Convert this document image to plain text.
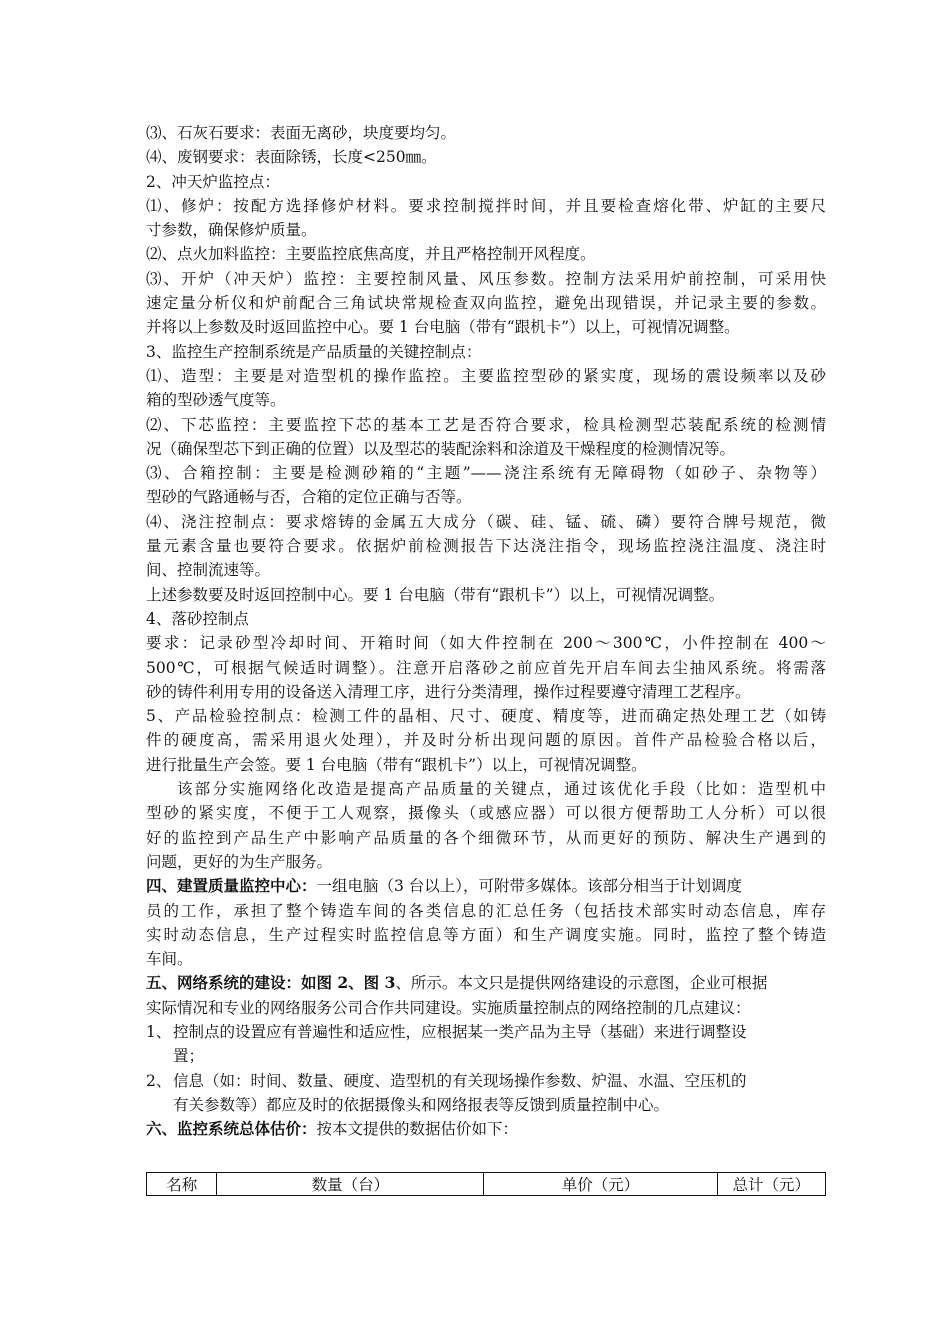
⑶、石灰石要求：表面无离砂，块度要均匀。
⑷、废钢要求：表面除锈，长度<250㎜。
2、冲天炉监控点：
⑴、修炉：按配方选择修炉材料。要求控制搅拌时间，并且要检查熔化带、炉缸的主要尺
寸参数，确保修炉质量。
⑵、点火加料监控：主要监控底焦高度，并且严格控制开风程度。
⑶、开炉（冲天炉）监控：主要控制风量、风压参数。控制方法采用炉前控制，可采用快
速定量分析仪和炉前配合三角试块常规检查双向监控，避免出现错误，并记录主要的参数。
并将以上参数及时返回监控中心。要 1 台电脑（带有“跟机卡”）以上，可视情况调整。
3、监控生产控制系统是产品质量的关键控制点：
⑴、造型：主要是对造型机的操作监控。主要监控型砂的紧实度，现场的震设频率以及砂
箱的型砂透气度等。
⑵、下芯监控：主要监控下芯的基本工艺是否符合要求，检具检测型芯装配系统的检测情
况（确保型芯下到正确的位置）以及型芯的装配涂料和涂道及干燥程度的检测情况等。
⑶、合箱控制：主要是检测砂箱的“主题”——浇注系统有无障碍物（如砂子、杂物等）
型砂的气路通畅与否，合箱的定位正确与否等。
⑷、浇注控制点：要求熔铸的金属五大成分（碳、硅、锰、硫、磷）要符合牌号规范，微
量元素含量也要符合要求。依据炉前检测报告下达浇注指令，现场监控浇注温度、浇注时
间、控制流速等。
上述参数要及时返回控制中心。要 1 台电脑（带有“跟机卡”）以上，可视情况调整。
4、落砂控制点
要求：记录砂型冷却时间、开箱时间（如大件控制在 200～300℃，小件控制在 400～
500℃，可根据气候适时调整）。注意开启落砂之前应首先开启车间去尘抽风系统。将需落
砂的铸件利用专用的设备送入清理工序，进行分类清理，操作过程要遵守清理工艺程序。
5、产品检验控制点：检测工件的晶相、尺寸、硬度、精度等，进而确定热处理工艺（如铸
件的硬度高，需采用退火处理），并及时分析出现问题的原因。首件产品检验合格以后，
进行批量生产会签。要 1 台电脑（带有“跟机卡”）以上，可视情况调整。
该部分实施网络化改造是提高产品质量的关键点，通过该优化手段（比如：造型机中
型砂的紧实度，不便于工人观察，摄像头（或感应器）可以很方便帮助工人分析）可以很
好的监控到产品生产中影响产品质量的各个细微环节，从而更好的预防、解决生产遇到的
问题，更好的为生产服务。
四、建置质量监控中心：一组电脑（3 台以上），可附带多媒体。该部分相当于计划调度
员的工作，承担了整个铸造车间的各类信息的汇总任务（包括技术部实时动态信息，库存
实时动态信息，生产过程实时监控信息等方面）和生产调度实施。同时，监控了整个铸造
车间。
五、网络系统的建设：如图 2、图 3、所示。本文只是提供网络建设的示意图，企业可根据
实际情况和专业的网络服务公司合作共同建设。实施质量控制点的网络控制的几点建议：
1、 控制点的设置应有普遍性和适应性，应根据某一类产品为主导（基础）来进行调整设
置；
2、 信息（如：时间、数量、硬度、造型机的有关现场操作参数、炉温、水温、空压机的
有关参数等）都应及时的依据摄像头和网络报表等反馈到质量控制中心。
六、监控系统总体估价：按本文提供的数据估价如下：
名称	数量（台）	单价（元）	总计（元）
